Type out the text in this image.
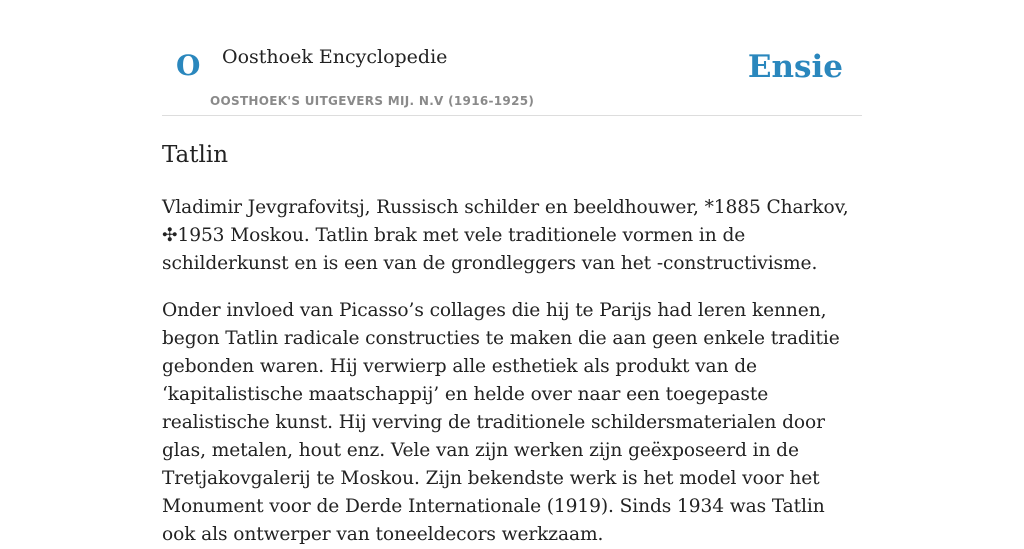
O Oosthoek Encyclopedie
OOSTHOEK'S UITGEVERS MIJ. N.V (1916-1925)
Ensie
Tatlin

Vladimir Jevgrafovitsj, Russisch schilder en beeldhouwer, *1885 Charkov, ✣1953 Moskou. Tatlin brak met vele traditionele vormen in de schilderkunst en is een van de grondleggers van het -constructivisme.

Onder invloed van Picasso’s collages die hij te Parijs had leren kennen, begon Tatlin radicale constructies te maken die aan geen enkele traditie gebonden waren. Hij verwierp alle esthetiek als produkt van de ‘kapitalistische maatschappij’ en helde over naar een toegepaste realistische kunst. Hij verving de traditionele schildersmaterialen door glas, metalen, hout enz. Vele van zijn werken zijn geëxposeerd in de Tretjakovgalerij te Moskou. Zijn bekendste werk is het model voor het Monument voor de Derde Internationale (1919). Sinds 1934 was Tatlin ook als ontwerper van toneeldecors werkzaam.
